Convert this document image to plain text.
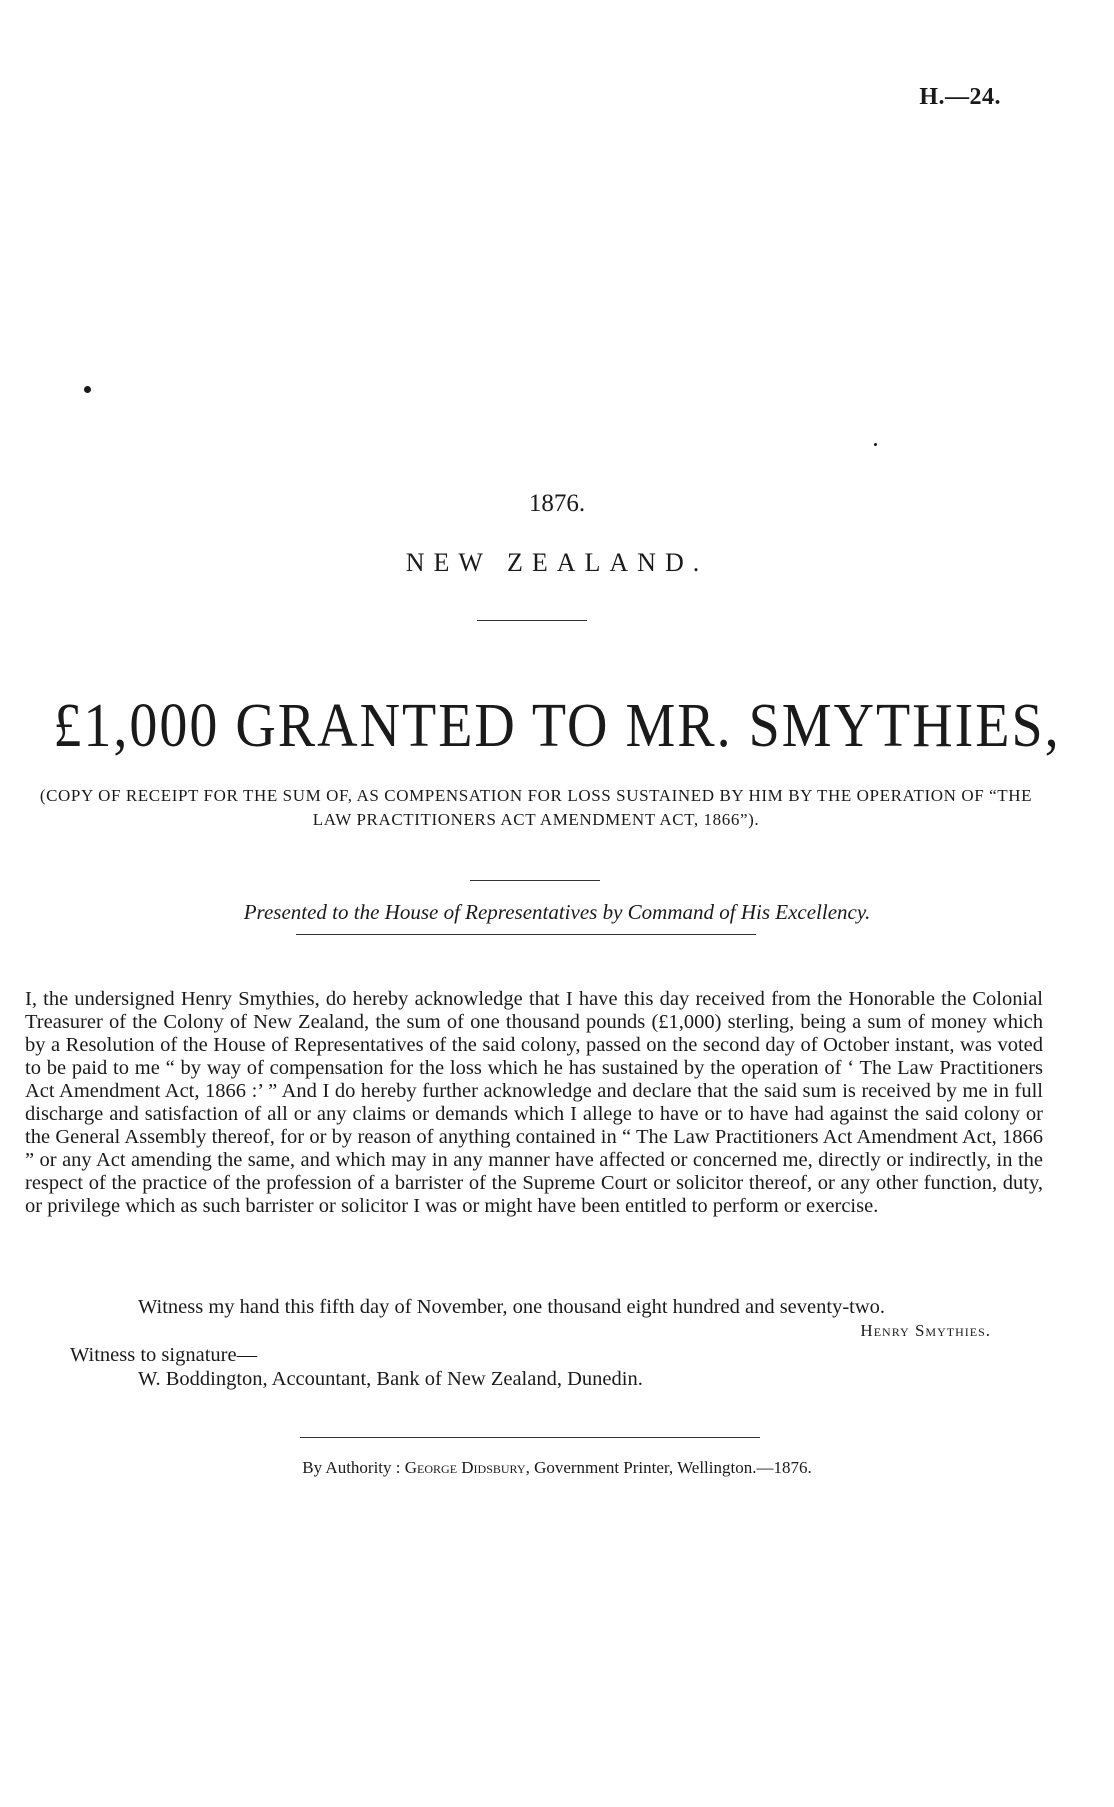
H.—24.
1876.
NEW ZEALAND.
£1,000 GRANTED TO MR. SMYTHIES,
(COPY OF RECEIPT FOR THE SUM OF, AS COMPENSATION FOR LOSS SUSTAINED BY HIM BY THE OPERATION OF “THE LAW PRACTITIONERS ACT AMENDMENT ACT, 1866”).
Presented to the House of Representatives by Command of His Excellency.
I, the undersigned Henry Smythies, do hereby acknowledge that I have this day received from the Honorable the Colonial Treasurer of the Colony of New Zealand, the sum of one thousand pounds (£1,000) sterling, being a sum of money which by a Resolution of the House of Representatives of the said colony, passed on the second day of October instant, was voted to be paid to me “ by way of compensation for the loss which he has sustained by the operation of ‘ The Law Practitioners Act Amendment Act, 1866 :’ ” And I do hereby further acknowledge and declare that the said sum is received by me in full discharge and satisfaction of all or any claims or demands which I allege to have or to have had against the said colony or the General Assembly thereof, for or by reason of anything contained in “ The Law Practitioners Act Amendment Act, 1866 ” or any Act amending the same, and which may in any manner have affected or concerned me, directly or indirectly, in the respect of the practice of the profession of a barrister of the Supreme Court or solicitor thereof, or any other function, duty, or privilege which as such barrister or solicitor I was or might have been entitled to perform or exercise.
Witness my hand this fifth day of November, one thousand eight hundred and seventy-two.
Henry Smythies.
Witness to signature—
W. Boddington, Accountant, Bank of New Zealand, Dunedin.
By Authority : George Didsbury, Government Printer, Wellington.—1876.
